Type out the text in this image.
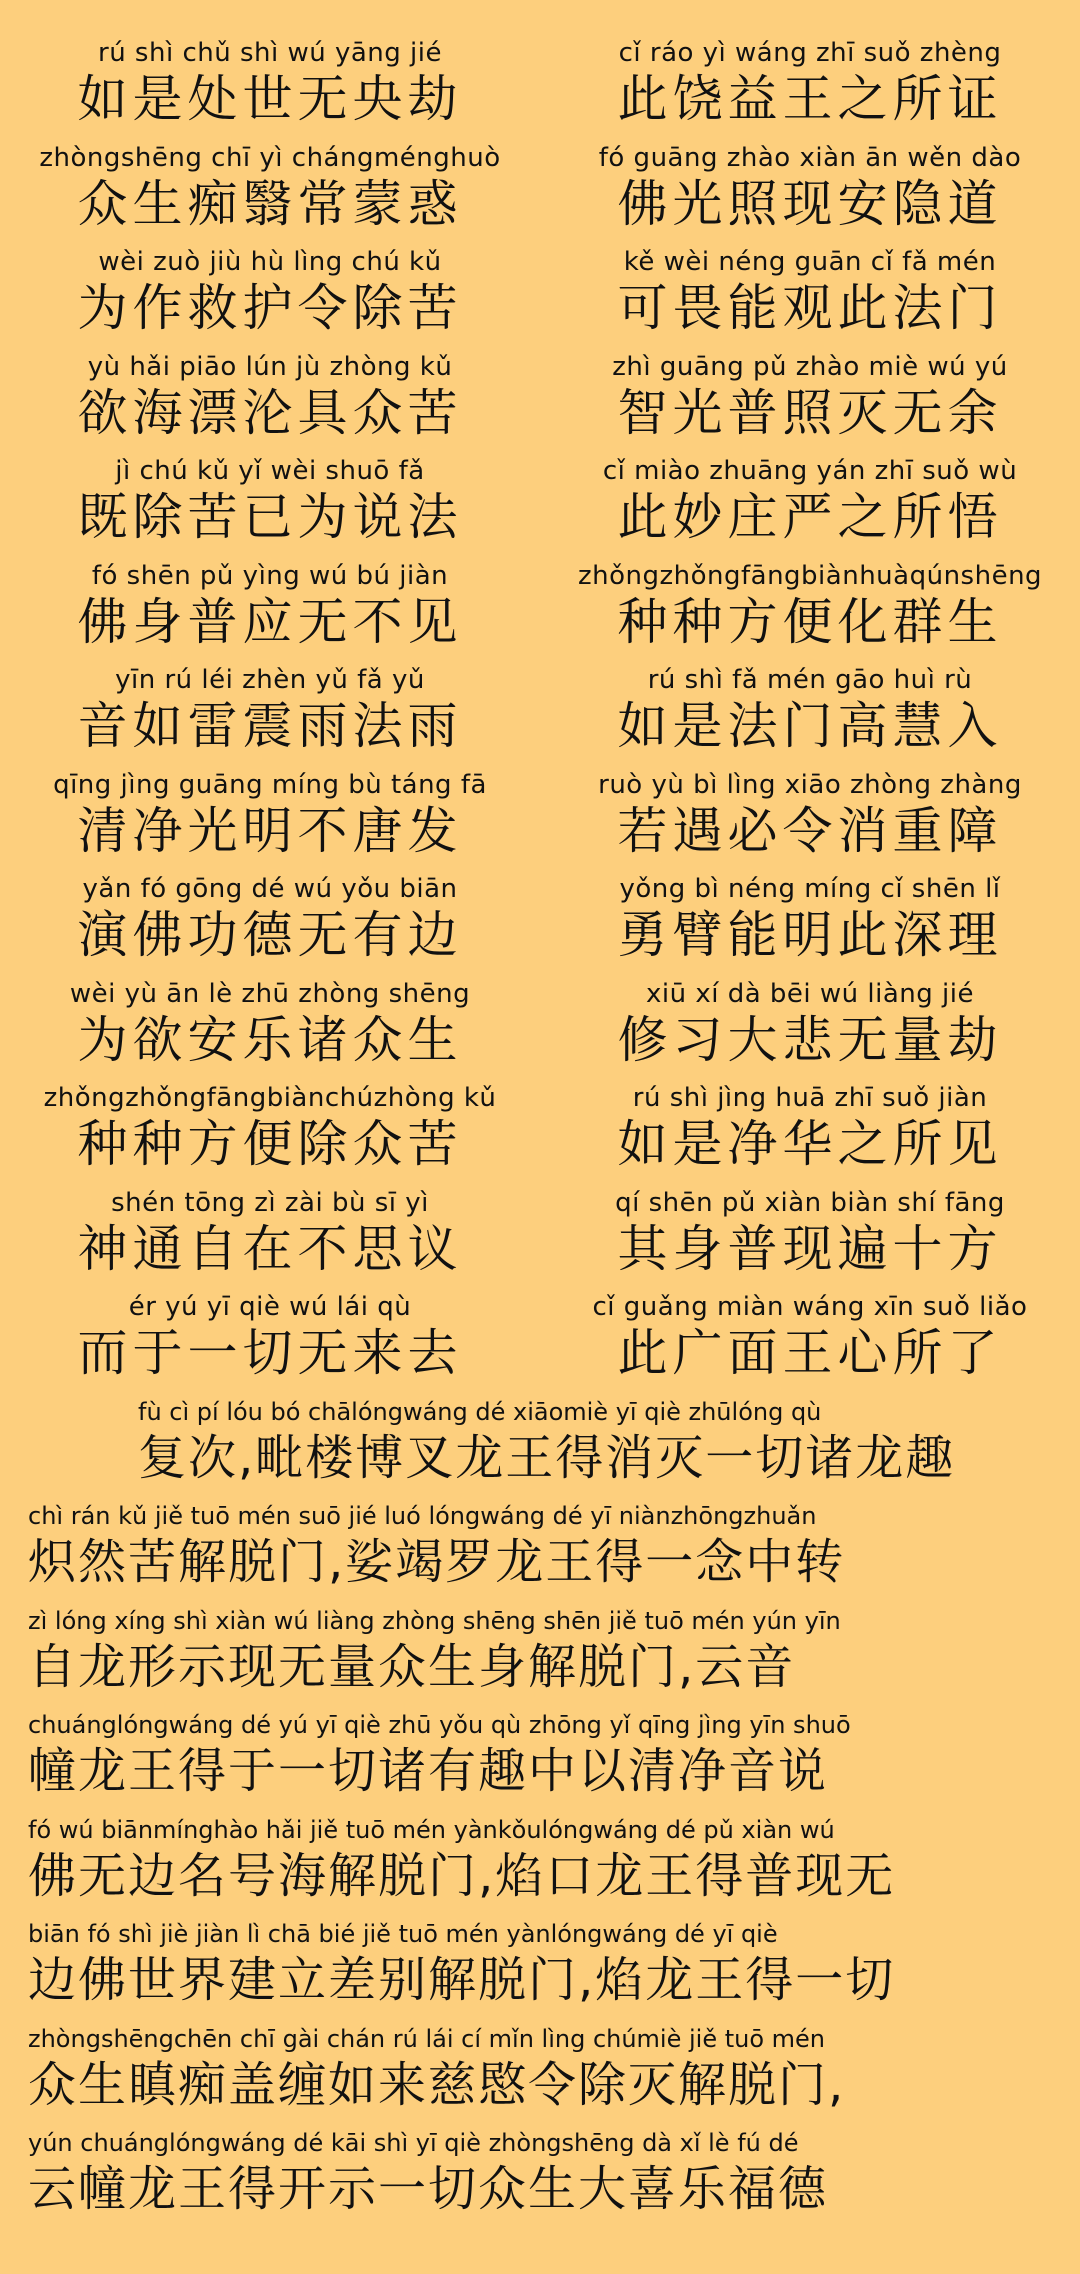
rú shì chǔ shì wú yāng jié
如是处世无央劫
cǐ ráo yì wáng zhī suǒ zhèng
此饶益王之所证
zhòngshēng chī yì chángménghuò
众生痴翳常蒙惑
fó guāng zhào xiàn ān wěn dào
佛光照现安隐道
wèi zuò jiù hù lìng chú kǔ
为作救护令除苦
kě wèi néng guān cǐ fǎ mén
可畏能观此法门
yù hǎi piāo lún jù zhòng kǔ
欲海漂沦具众苦
zhì guāng pǔ zhào miè wú yú
智光普照灭无余
jì chú kǔ yǐ wèi shuō fǎ
既除苦已为说法
cǐ miào zhuāng yán zhī suǒ wù
此妙庄严之所悟
fó shēn pǔ yìng wú bú jiàn
佛身普应无不见
zhǒngzhǒngfāngbiànhuàqúnshēng
种种方便化群生
yīn rú léi zhèn yǔ fǎ yǔ
音如雷震雨法雨
rú shì fǎ mén gāo huì rù
如是法门高慧入
qīng jìng guāng míng bù táng fā
清净光明不唐发
ruò yù bì lìng xiāo zhòng zhàng
若遇必令消重障
yǎn fó gōng dé wú yǒu biān
演佛功德无有边
yǒng bì néng míng cǐ shēn lǐ
勇臂能明此深理
wèi yù ān lè zhū zhòng shēng
为欲安乐诸众生
xiū xí dà bēi wú liàng jié
修习大悲无量劫
zhǒngzhǒngfāngbiànchúzhòng kǔ
种种方便除众苦
rú shì jìng huā zhī suǒ jiàn
如是净华之所见
shén tōng zì zài bù sī yì
神通自在不思议
qí shēn pǔ xiàn biàn shí fāng
其身普现遍十方
ér yú yī qiè wú lái qù
而于一切无来去
cǐ guǎng miàn wáng xīn suǒ liǎo
此广面王心所了
fù cì pí lóu bó chālóngwáng dé xiāomiè yī qiè zhūlóng qù
复次,毗楼博叉龙王得消灭一切诸龙趣
chì rán kǔ jiě tuō mén suō jié luó lóngwáng dé yī niànzhōngzhuǎn
炽然苦解脱门,娑竭罗龙王得一念中转
zì lóng xíng shì xiàn wú liàng zhòng shēng shēn jiě tuō mén yún yīn
自龙形示现无量众生身解脱门,云音
chuánglóngwáng dé yú yī qiè zhū yǒu qù zhōng yǐ qīng jìng yīn shuō
幢龙王得于一切诸有趣中以清净音说
fó wú biānmínghào hǎi jiě tuō mén yànkǒulóngwáng dé pǔ xiàn wú
佛无边名号海解脱门,焰口龙王得普现无
biān fó shì jiè jiàn lì chā bié jiě tuō mén yànlóngwáng dé yī qiè
边佛世界建立差别解脱门,焰龙王得一切
zhòngshēngchēn chī gài chán rú lái cí mǐn lìng chúmiè jiě tuō mén
众生瞋痴盖缠如来慈愍令除灭解脱门,
yún chuánglóngwáng dé kāi shì yī qiè zhòngshēng dà xǐ lè fú dé
云幢龙王得开示一切众生大喜乐福德
